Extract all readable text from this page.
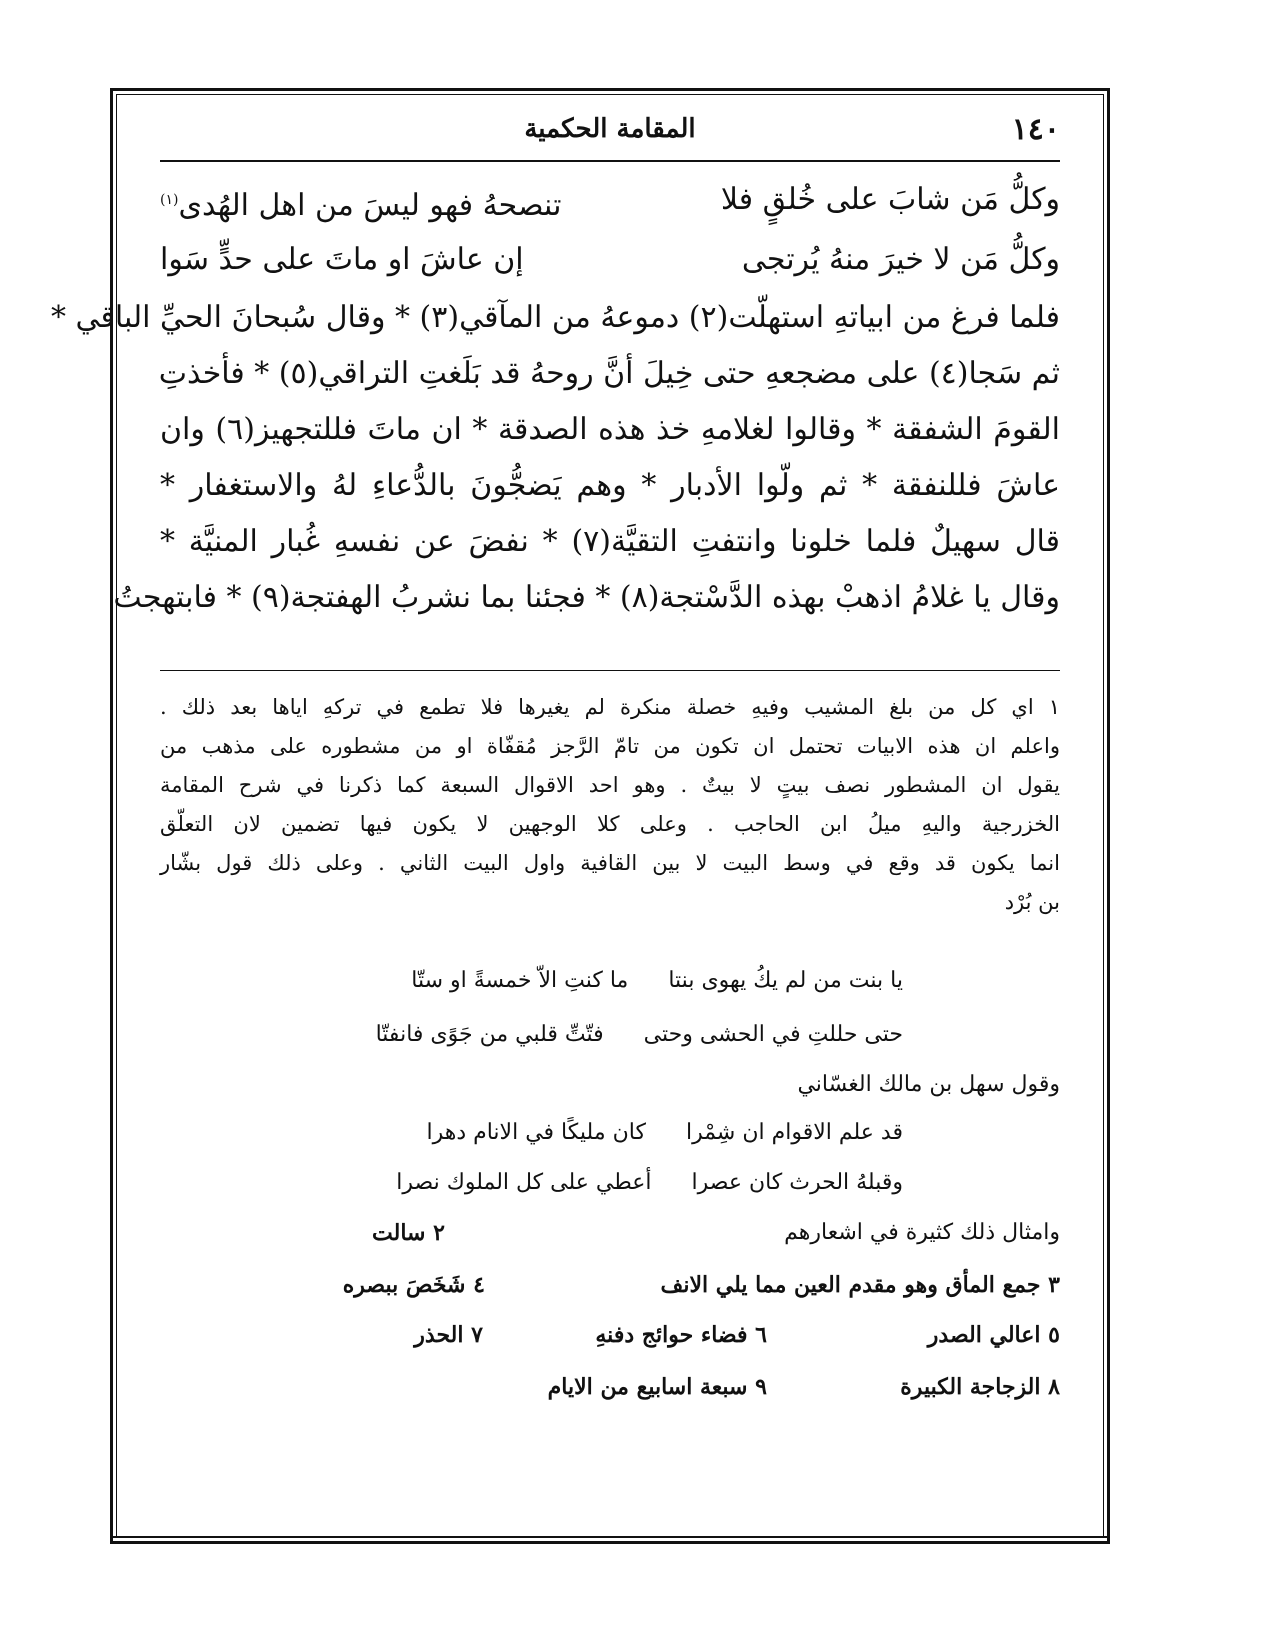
١٤٠
المقامة الحكمية
وكلُّ مَن شابَ على خُلقٍ فلا
تنصحهُ فهو ليسَ من اهل الهُدى$^{(١)}$
وكلُّ مَن لا خيرَ منهُ يُرتجى
إن عاشَ او ماتَ على حدٍّ سَوا
فلما فرغ من ابياتهِ استهلّت(٢) دموعهُ من المآقي(٣) * وقال سُبحانَ الحيِّ الباقي *
ثم سَجا(٤) على مضجعهِ حتى خِيلَ أنَّ روحهُ قد بَلَغتِ التراقي(٥) * فأخذتِ
القومَ الشفقة * وقالوا لغلامهِ خذ هذه الصدقة * ان ماتَ فللتجهيز(٦) وان
عاشَ فللنفقة * ثم ولّوا الأدبار * وهم يَضجُّونَ بالدُّعاءِ لهُ والاستغفار *
قال سهيلٌ فلما خلونا وانتفتِ التقيَّة(٧) * نفضَ عن نفسهِ غُبار المنيَّة *
وقال يا غلامُ اذهبْ بهذه الدَّسْتجة(٨) * فجئنا بما نشربُ الهفتجة(٩) * فابتهجتُ
١ اي كل من بلغ المشيب وفيهِ خصلة منكرة لم يغيرها فلا تطمع في تركهِ اياها بعد ذلك .
واعلم ان هذه الابيات تحتمل ان تكون من تامّ الرَّجز مُقفّاة او من مشطوره على مذهب من
يقول ان المشطور نصف بيتٍ لا بيتٌ . وهو احد الاقوال السبعة كما ذكرنا في شرح المقامة
الخزرجية واليهِ ميلُ ابن الحاجب . وعلى كلا الوجهين لا يكون فيها تضمين لان التعلّق
انما يكون قد وقع في وسط البيت لا بين القافية واول البيت الثاني . وعلى ذلك قول بشّار
بن بُرْد
يا بنت من لم يكُ يهوى بنتا  ما كنتِ الاّ خمسةً او ستّا
حتى حللتِ في الحشى وحتى  فتّتِّ قلبي من جَوًى فانفتّا
وقول سهل بن مالك الغسّاني
قد علم الاقوام ان شِمْرا  كان مليكًا في الانام دهرا
وقبلهُ الحرث كان عصرا  أعطي على كل الملوك نصرا
وامثال ذلك كثيرة في اشعارهم
٢ سالت
٣ جمع المأق وهو مقدم العين مما يلي الانف
٤ شَخَصَ ببصره
٥ اعالي الصدر
٦ فضاء حوائج دفنهِ
٧ الحذر
٨ الزجاجة الكبيرة
٩ سبعة اسابيع من الايام
